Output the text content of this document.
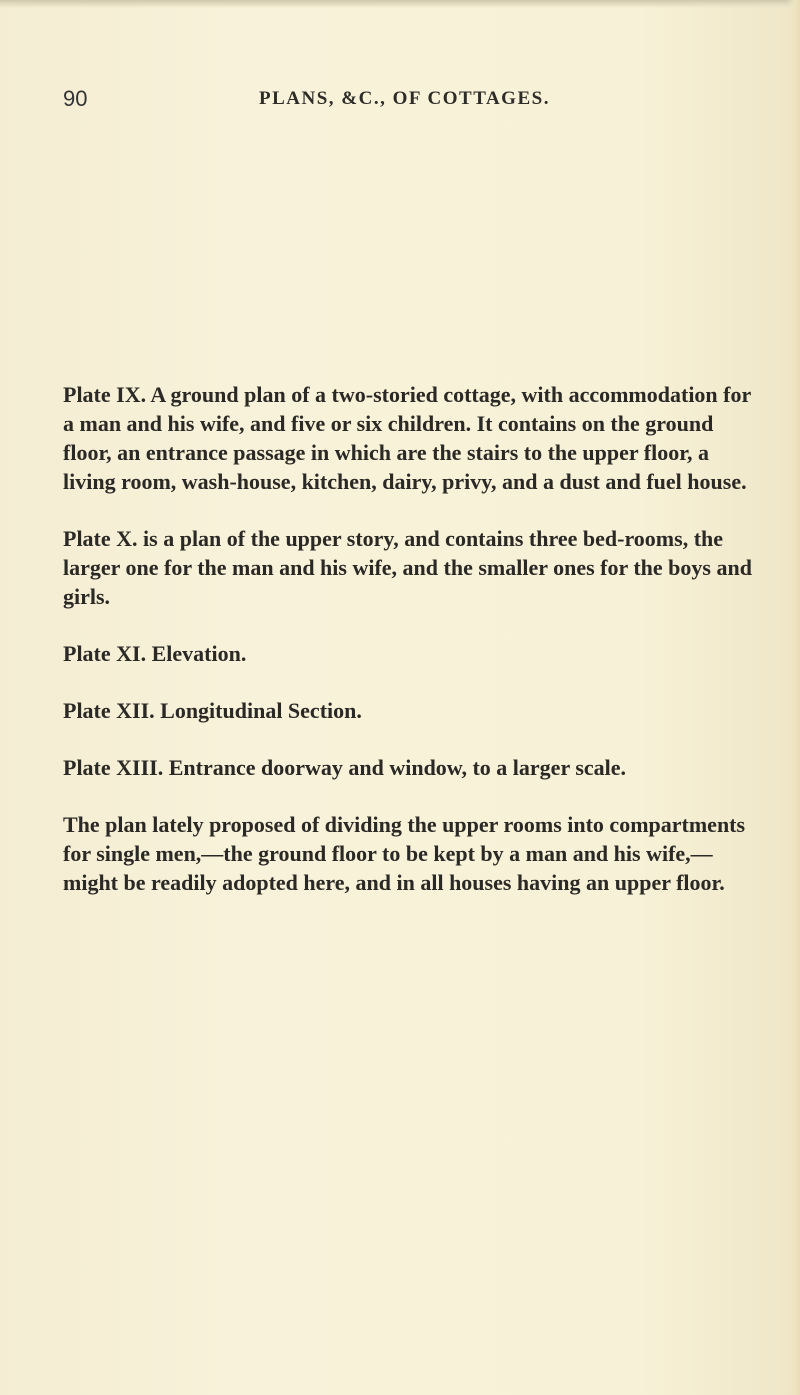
90	PLANS, &C., OF COTTAGES.

Plate IX. A ground plan of a two-storied cottage, with accommodation for a man and his wife, and five or six children. It contains on the ground floor, an entrance passage in which are the stairs to the upper floor, a living room, wash-house, kitchen, dairy, privy, and a dust and fuel house.

Plate X. is a plan of the upper story, and contains three bed-rooms, the larger one for the man and his wife, and the smaller ones for the boys and girls.

Plate XI. Elevation.

Plate XII. Longitudinal Section.

Plate XIII. Entrance doorway and window, to a larger scale.

The plan lately proposed of dividing the upper rooms into compartments for single men,—the ground floor to be kept by a man and his wife,—might be readily adopted here, and in all houses having an upper floor.
